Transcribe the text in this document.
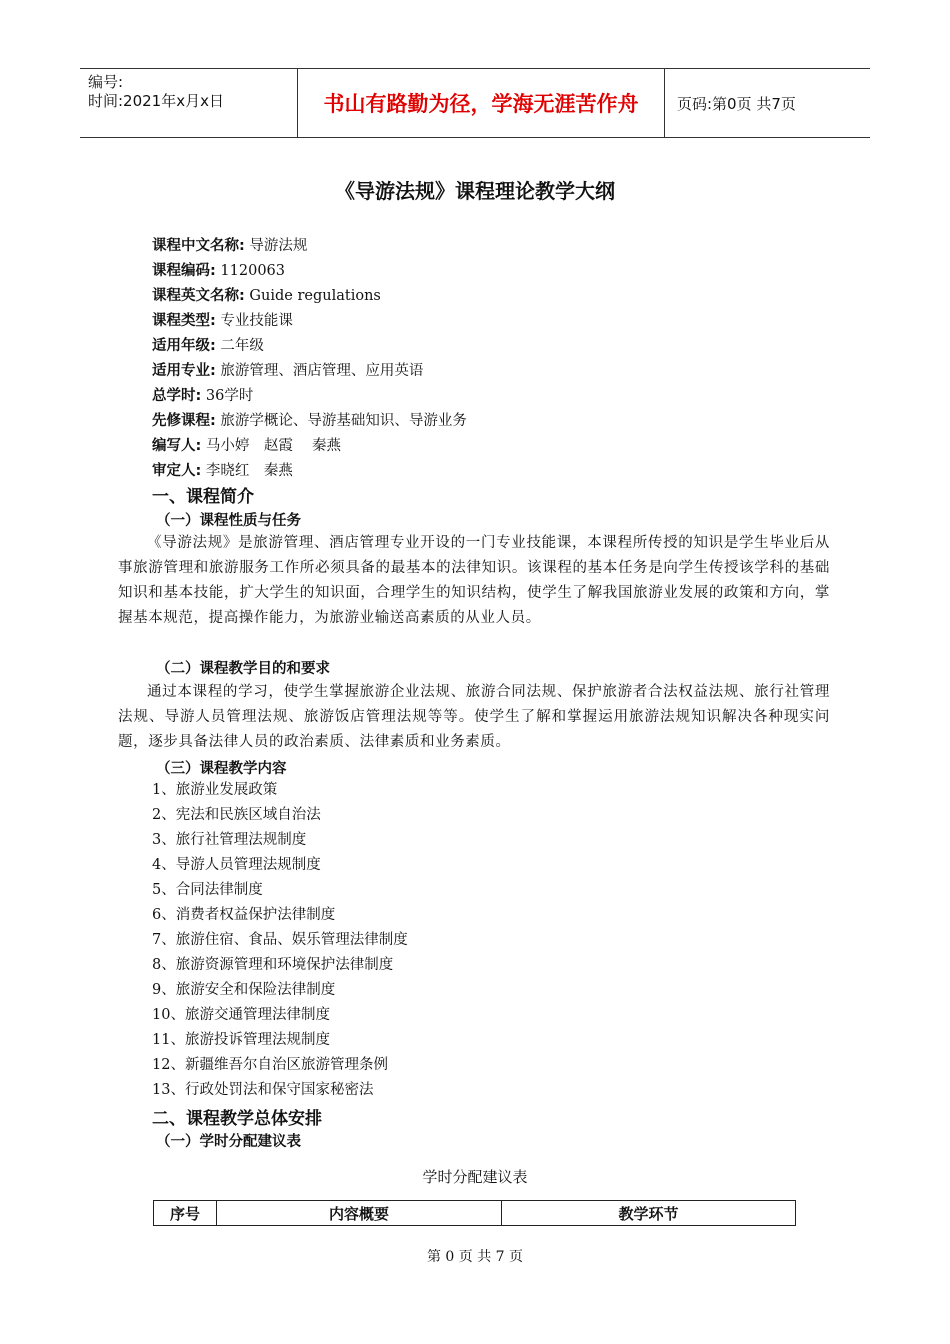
编号:
时间:2021年x月x日	书山有路勤为径，学海无涯苦作舟	页码:第0页 共7页
《导游法规》课程理论教学大纲
课程中文名称: 导游法规
课程编码: 1120063
课程英文名称: Guide regulations
课程类型: 专业技能课
适用年级: 二年级
适用专业: 旅游管理、酒店管理、应用英语
总学时: 36学时
先修课程: 旅游学概论、导游基础知识、导游业务
编写人: 马小婷　赵霞　 秦燕
审定人: 李晓红　秦燕
一、课程简介
（一）课程性质与任务
《导游法规》是旅游管理、酒店管理专业开设的一门专业技能课，本课程所传授的知识是学生毕业后从事旅游管理和旅游服务工作所必须具备的最基本的法律知识。该课程的基本任务是向学生传授该学科的基础知识和基本技能，扩大学生的知识面，合理学生的知识结构，使学生了解我国旅游业发展的政策和方向，掌握基本规范，提高操作能力，为旅游业输送高素质的从业人员。
（二）课程教学目的和要求
通过本课程的学习，使学生掌握旅游企业法规、旅游合同法规、保护旅游者合法权益法规、旅行社管理法规、导游人员管理法规、旅游饭店管理法规等等。使学生了解和掌握运用旅游法规知识解决各种现实问题，逐步具备法律人员的政治素质、法律素质和业务素质。
（三）课程教学内容
1、旅游业发展政策
2、宪法和民族区域自治法
3、旅行社管理法规制度
4、导游人员管理法规制度
5、合同法律制度
6、消费者权益保护法律制度
7、旅游住宿、食品、娱乐管理法律制度
8、旅游资源管理和环境保护法律制度
9、旅游安全和保险法律制度
10、旅游交通管理法律制度
11、旅游投诉管理法规制度
12、新疆维吾尔自治区旅游管理条例
13、行政处罚法和保守国家秘密法
二、课程教学总体安排
（一）学时分配建议表
学时分配建议表
序号	内容概要	教学环节
第 0 页 共 7 页
